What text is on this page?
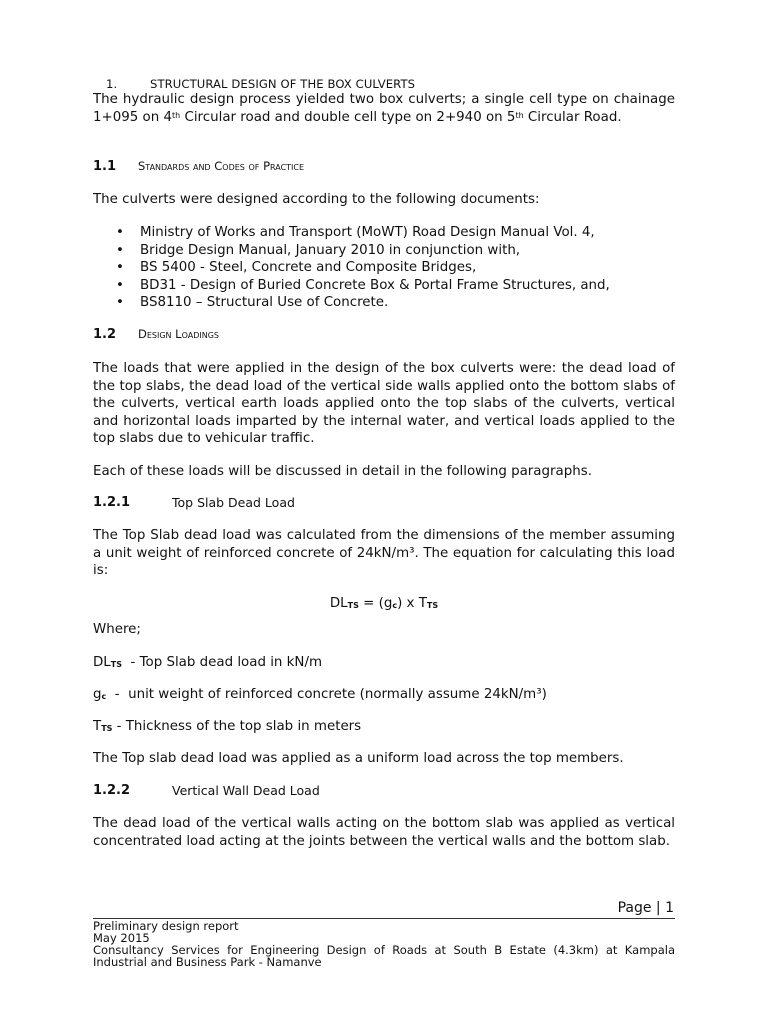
1.	STRUCTURAL DESIGN OF THE BOX CULVERTS
The hydraulic design process yielded two box culverts; a single cell type on chainage 1+095 on 4th Circular road and double cell type on 2+940 on 5th Circular Road.
1.1 Standards and Codes of Practice
The culverts were designed according to the following documents:
• Ministry of Works and Transport (MoWT) Road Design Manual Vol. 4,
• Bridge Design Manual, January 2010 in conjunction with,
• BS 5400 - Steel, Concrete and Composite Bridges,
• BD31 - Design of Buried Concrete Box & Portal Frame Structures, and,
• BS8110 – Structural Use of Concrete.
1.2 Design Loadings
The loads that were applied in the design of the box culverts were: the dead load of the top slabs, the dead load of the vertical side walls applied onto the bottom slabs of the culverts, vertical earth loads applied onto the top slabs of the culverts, vertical and horizontal loads imparted by the internal water, and vertical loads applied to the top slabs due to vehicular traffic.
Each of these loads will be discussed in detail in the following paragraphs.
1.2.1	Top Slab Dead Load
The Top Slab dead load was calculated from the dimensions of the member assuming a unit weight of reinforced concrete of 24kN/m³. The equation for calculating this load is:
DLTS = (gc) x TTS
Where;
DLTS  - Top Slab dead load in kN/m
gc  -  unit weight of reinforced concrete (normally assume 24kN/m³)
TTS - Thickness of the top slab in meters
The Top slab dead load was applied as a uniform load across the top members.
1.2.2	Vertical Wall Dead Load
The dead load of the vertical walls acting on the bottom slab was applied as vertical concentrated load acting at the joints between the vertical walls and the bottom slab.
Page | 1
Preliminary design report
May 2015
Consultancy Services for Engineering Design of Roads at South B Estate (4.3km) at Kampala Industrial and Business Park - Namanve
